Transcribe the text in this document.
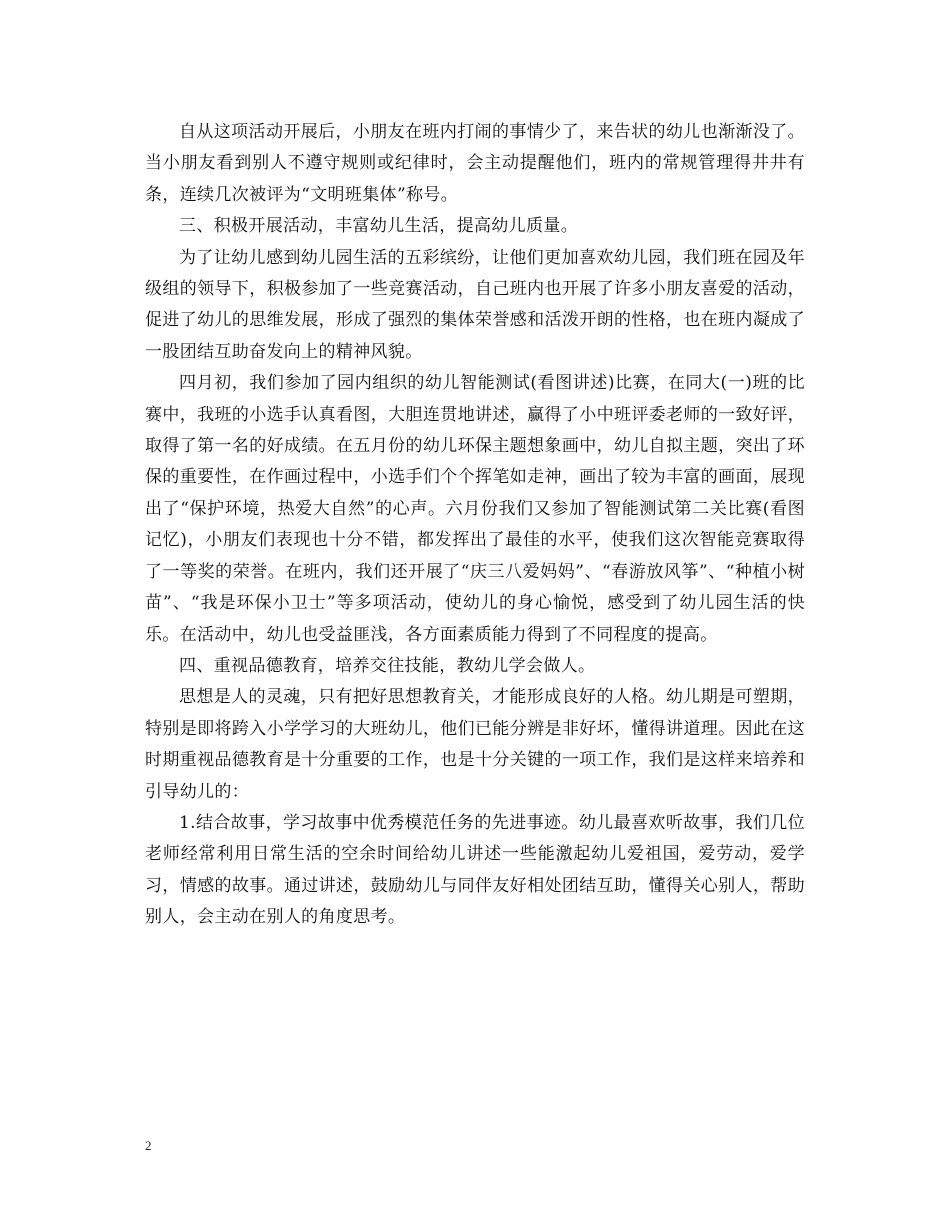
自从这项活动开展后，小朋友在班内打闹的事情少了，来告状的幼儿也渐渐没了。当小朋友看到别人不遵守规则或纪律时，会主动提醒他们，班内的常规管理得井井有条，连续几次被评为“文明班集体”称号。

三、积极开展活动，丰富幼儿生活，提高幼儿质量。

为了让幼儿感到幼儿园生活的五彩缤纷，让他们更加喜欢幼儿园，我们班在园及年级组的领导下，积极参加了一些竞赛活动，自己班内也开展了许多小朋友喜爱的活动，促进了幼儿的思维发展，形成了强烈的集体荣誉感和活泼开朗的性格，也在班内凝成了一股团结互助奋发向上的精神风貌。

四月初，我们参加了园内组织的幼儿智能测试(看图讲述)比赛，在同大(一)班的比赛中，我班的小选手认真看图，大胆连贯地讲述，赢得了小中班评委老师的一致好评，取得了第一名的好成绩。在五月份的幼儿环保主题想象画中，幼儿自拟主题，突出了环保的重要性，在作画过程中，小选手们个个挥笔如走神，画出了较为丰富的画面，展现出了“保护环境，热爱大自然”的心声。六月份我们又参加了智能测试第二关比赛(看图记忆)，小朋友们表现也十分不错，都发挥出了最佳的水平，使我们这次智能竞赛取得了一等奖的荣誉。在班内，我们还开展了“庆三八爱妈妈”、“春游放风筝”、“种植小树苗”、“我是环保小卫士”等多项活动，使幼儿的身心愉悦，感受到了幼儿园生活的快乐。在活动中，幼儿也受益匪浅，各方面素质能力得到了不同程度的提高。

四、重视品德教育，培养交往技能，教幼儿学会做人。

思想是人的灵魂，只有把好思想教育关，才能形成良好的人格。幼儿期是可塑期，特别是即将跨入小学学习的大班幼儿，他们已能分辨是非好坏，懂得讲道理。因此在这时期重视品德教育是十分重要的工作，也是十分关键的一项工作，我们是这样来培养和引导幼儿的：

1.结合故事，学习故事中优秀模范任务的先进事迹。幼儿最喜欢听故事，我们几位老师经常利用日常生活的空余时间给幼儿讲述一些能激起幼儿爱祖国，爱劳动，爱学习，情感的故事。通过讲述，鼓励幼儿与同伴友好相处团结互助，懂得关心别人，帮助别人，会主动在别人的角度思考。

2
